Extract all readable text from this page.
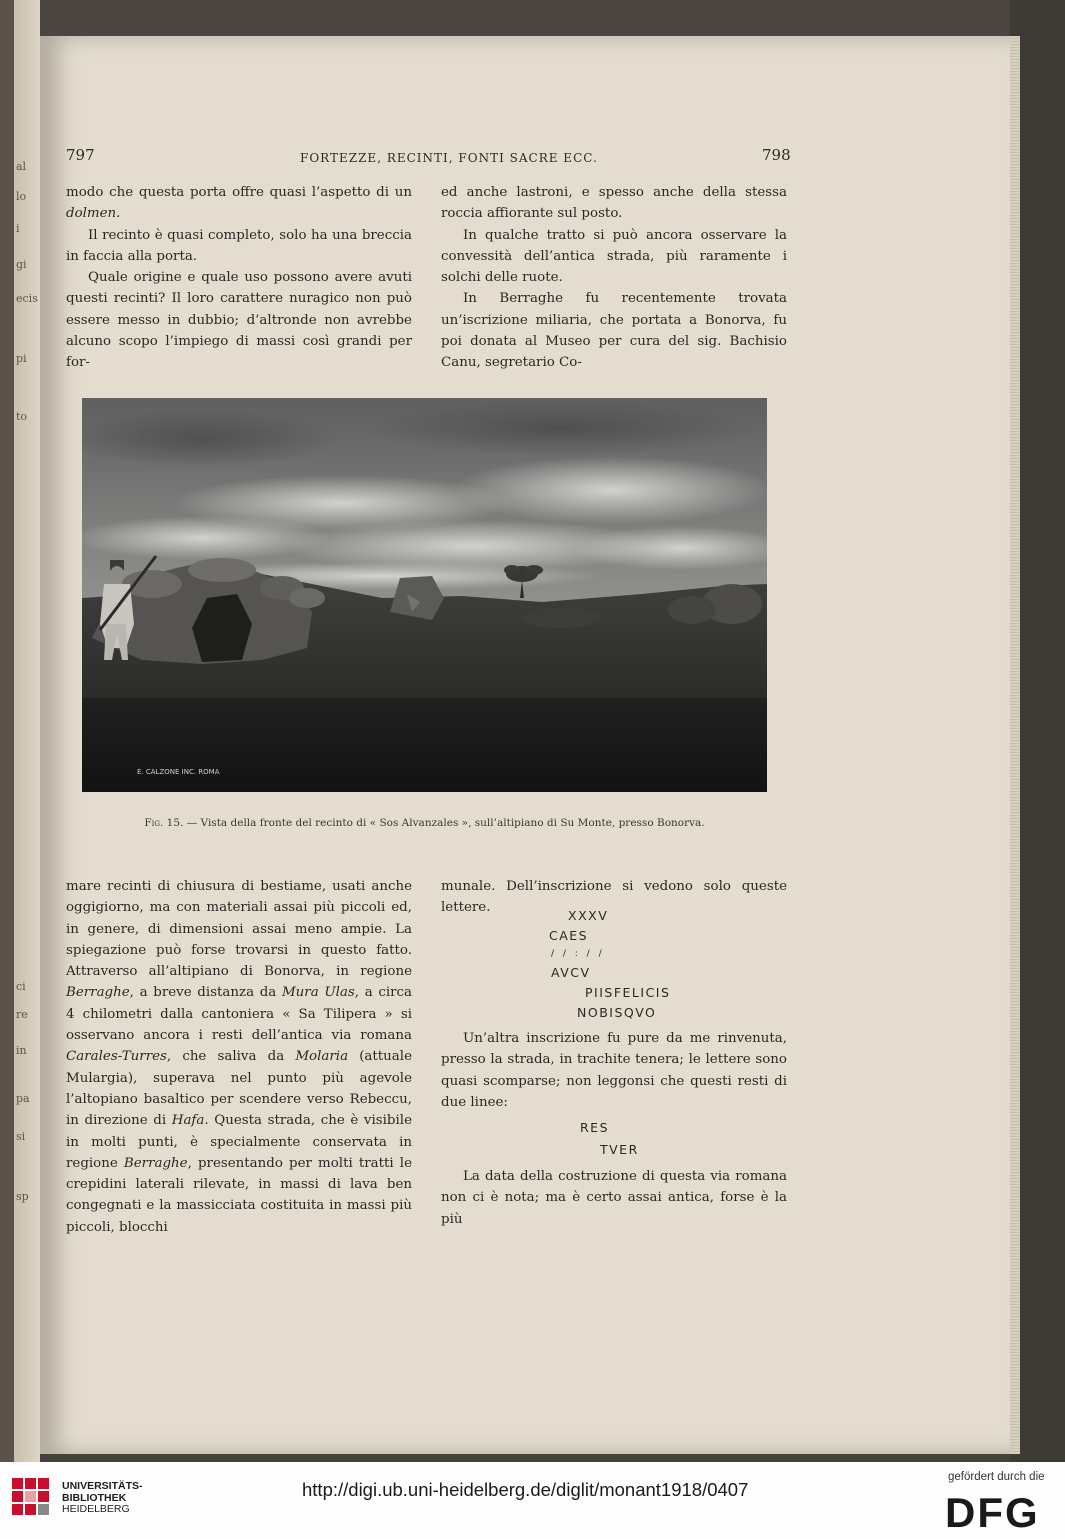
al
lo
i
gi
ecis
pi
to
ci
re
in
pa
si
sp
797	FORTEZZE, RECINTI, FONTI SACRE ECC.	798

modo che questa porta offre quasi l’aspetto di un dolmen.

Il recinto è quasi completo, solo ha una breccia in faccia alla porta.

Quale origine e quale uso possono avere avuti questi recinti? Il loro carattere nuragico non può essere messo in dubbio; d’altronde non avrebbe alcuno scopo l’impiego di massi così grandi per for-

ed anche lastroni, e spesso anche della stessa roccia affiorante sul posto.

In qualche tratto si può ancora osservare la convessità dell’antica strada, più raramente i solchi delle ruote.

In Berraghe fu recentemente trovata un’iscrizione miliaria, che portata a Bonorva, fu poi donata al Museo per cura del sig. Bachisio Canu, segretario Co-

E. CALZONE INC. ROMA
Fig. 15. — Vista della fronte del recinto di « Sos Alvanzales », sull’altipiano di Su Monte, presso Bonorva.

mare recinti di chiusura di bestiame, usati anche oggigiorno, ma con materiali assai più piccoli ed, in genere, di dimensioni assai meno ampie. La spiegazione può forse trovarsi in questo fatto. Attraverso all’altipiano di Bonorva, in regione Berraghe, a breve distanza da Mura Ulas, a circa 4 chilometri dalla cantoniera « Sa Tilipera » si osservano ancora i resti dell’antica via romana Carales-Turres, che saliva da Molaria (attuale Mulargia), superava nel punto più agevole l’altopiano basaltico per scendere verso Rebeccu, in direzione di Hafa. Questa strada, che è visibile in molti punti, è specialmente conservata in regione Berraghe, presentando per molti tratti le crepidini laterali rilevate, in massi di lava ben congegnati e la massicciata costituita in massi più piccoli, blocchi

munale. Dell’inscrizione si vedono solo queste lettere.

XXXV
CAES
/ / : / /
AVCV
PIISFELICIS
NOBISQVO

Un’altra inscrizione fu pure da me rinvenuta, presso la strada, in trachite tenera; le lettere sono quasi scomparse; non leggonsi che questi resti di due linee:

RES
TVER

La data della costruzione di questa via romana non ci è nota; ma è certo assai antica, forse è la più

UNIVERSITÄTS-
BIBLIOTHEK
HEIDELBERG
gefördert durch die
DFG
http://digi.ub.uni-heidelberg.de/diglit/monant1918/0407
